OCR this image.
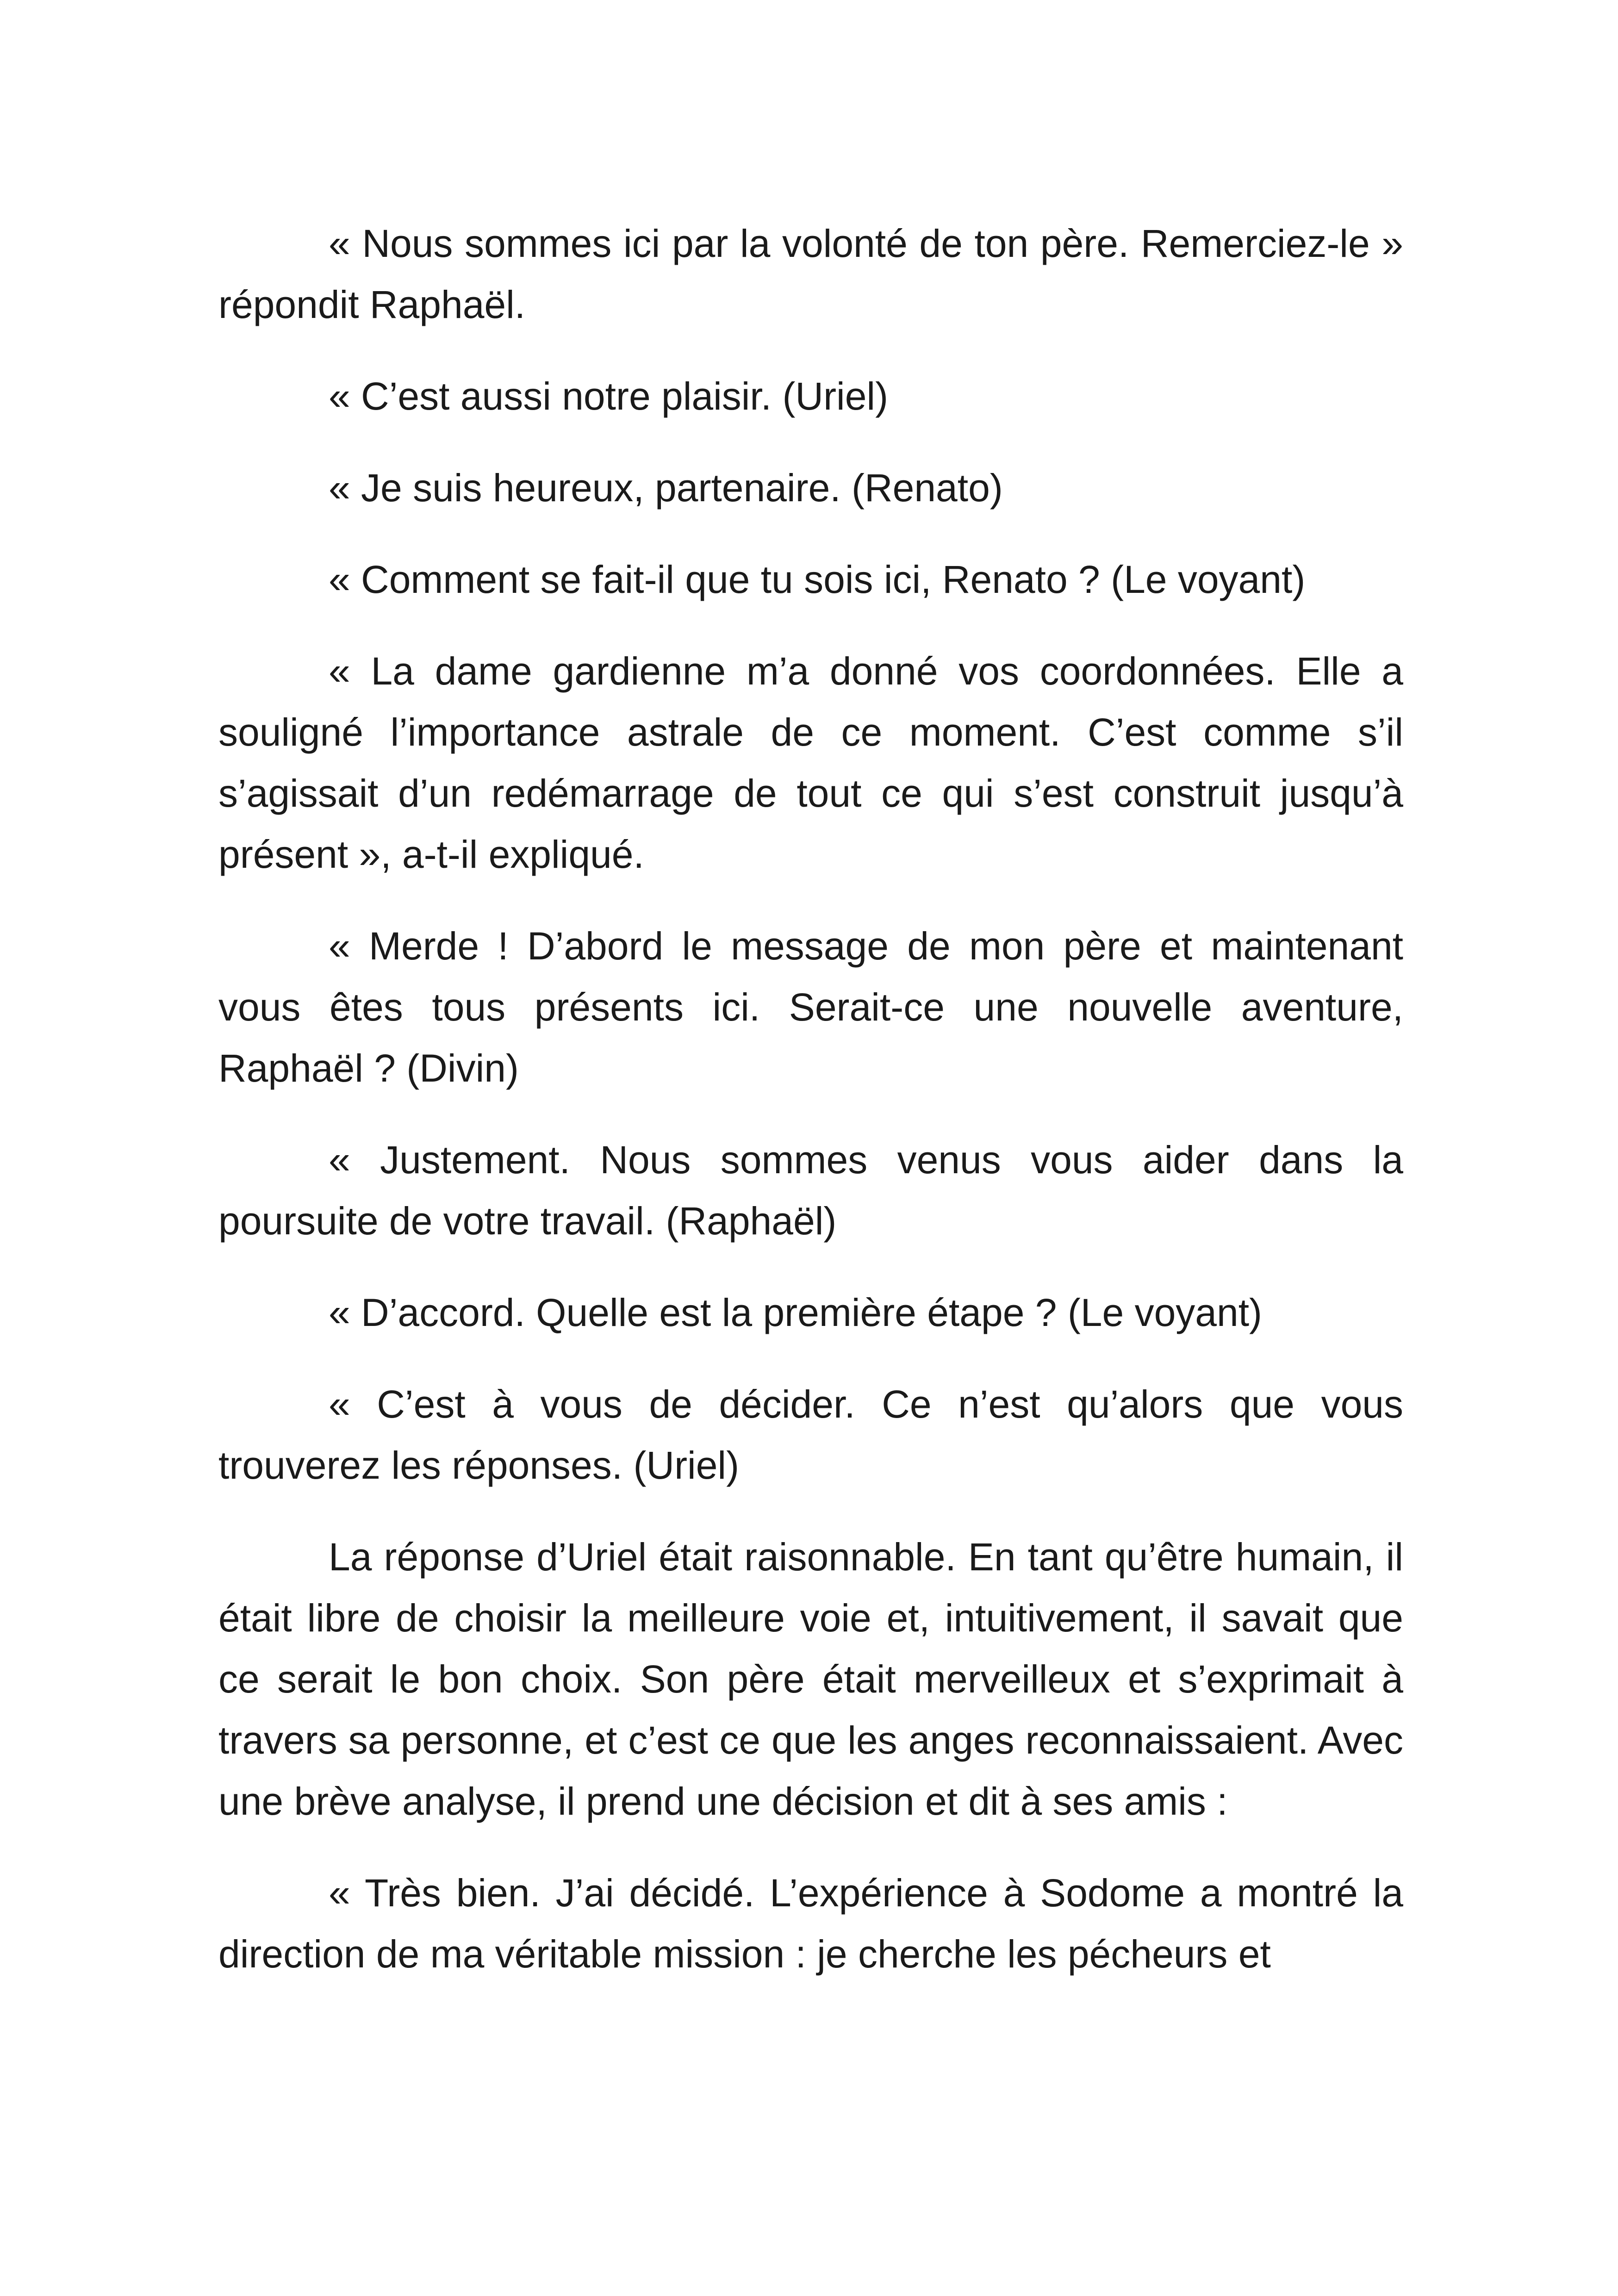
« Nous sommes ici par la volonté de ton père. Remerciez-le » répondit Raphaël.

« C’est aussi notre plaisir. (Uriel)

« Je suis heureux, partenaire. (Renato)

« Comment se fait-il que tu sois ici, Renato ? (Le voyant)

« La dame gardienne m’a donné vos coordonnées. Elle a souligné l’importance astrale de ce moment. C’est comme s’il s’agissait d’un redémarrage de tout ce qui s’est construit jusqu’à présent », a-t-il expliqué.

« Merde ! D’abord le message de mon père et maintenant vous êtes tous présents ici. Serait-ce une nouvelle aventure, Raphaël ? (Divin)

« Justement. Nous sommes venus vous aider dans la poursuite de votre travail. (Raphaël)

« D’accord. Quelle est la première étape ? (Le voyant)

« C’est à vous de décider. Ce n’est qu’alors que vous trouverez les réponses. (Uriel)

La réponse d’Uriel était raisonnable. En tant qu’être humain, il était libre de choisir la meilleure voie et, intuitivement, il savait que ce serait le bon choix. Son père était merveilleux et s’exprimait à travers sa personne, et c’est ce que les anges reconnaissaient. Avec une brève analyse, il prend une décision et dit à ses amis :

« Très bien. J’ai décidé. L’expérience à Sodome a montré la direction de ma véritable mission : je cherche les pécheurs et
